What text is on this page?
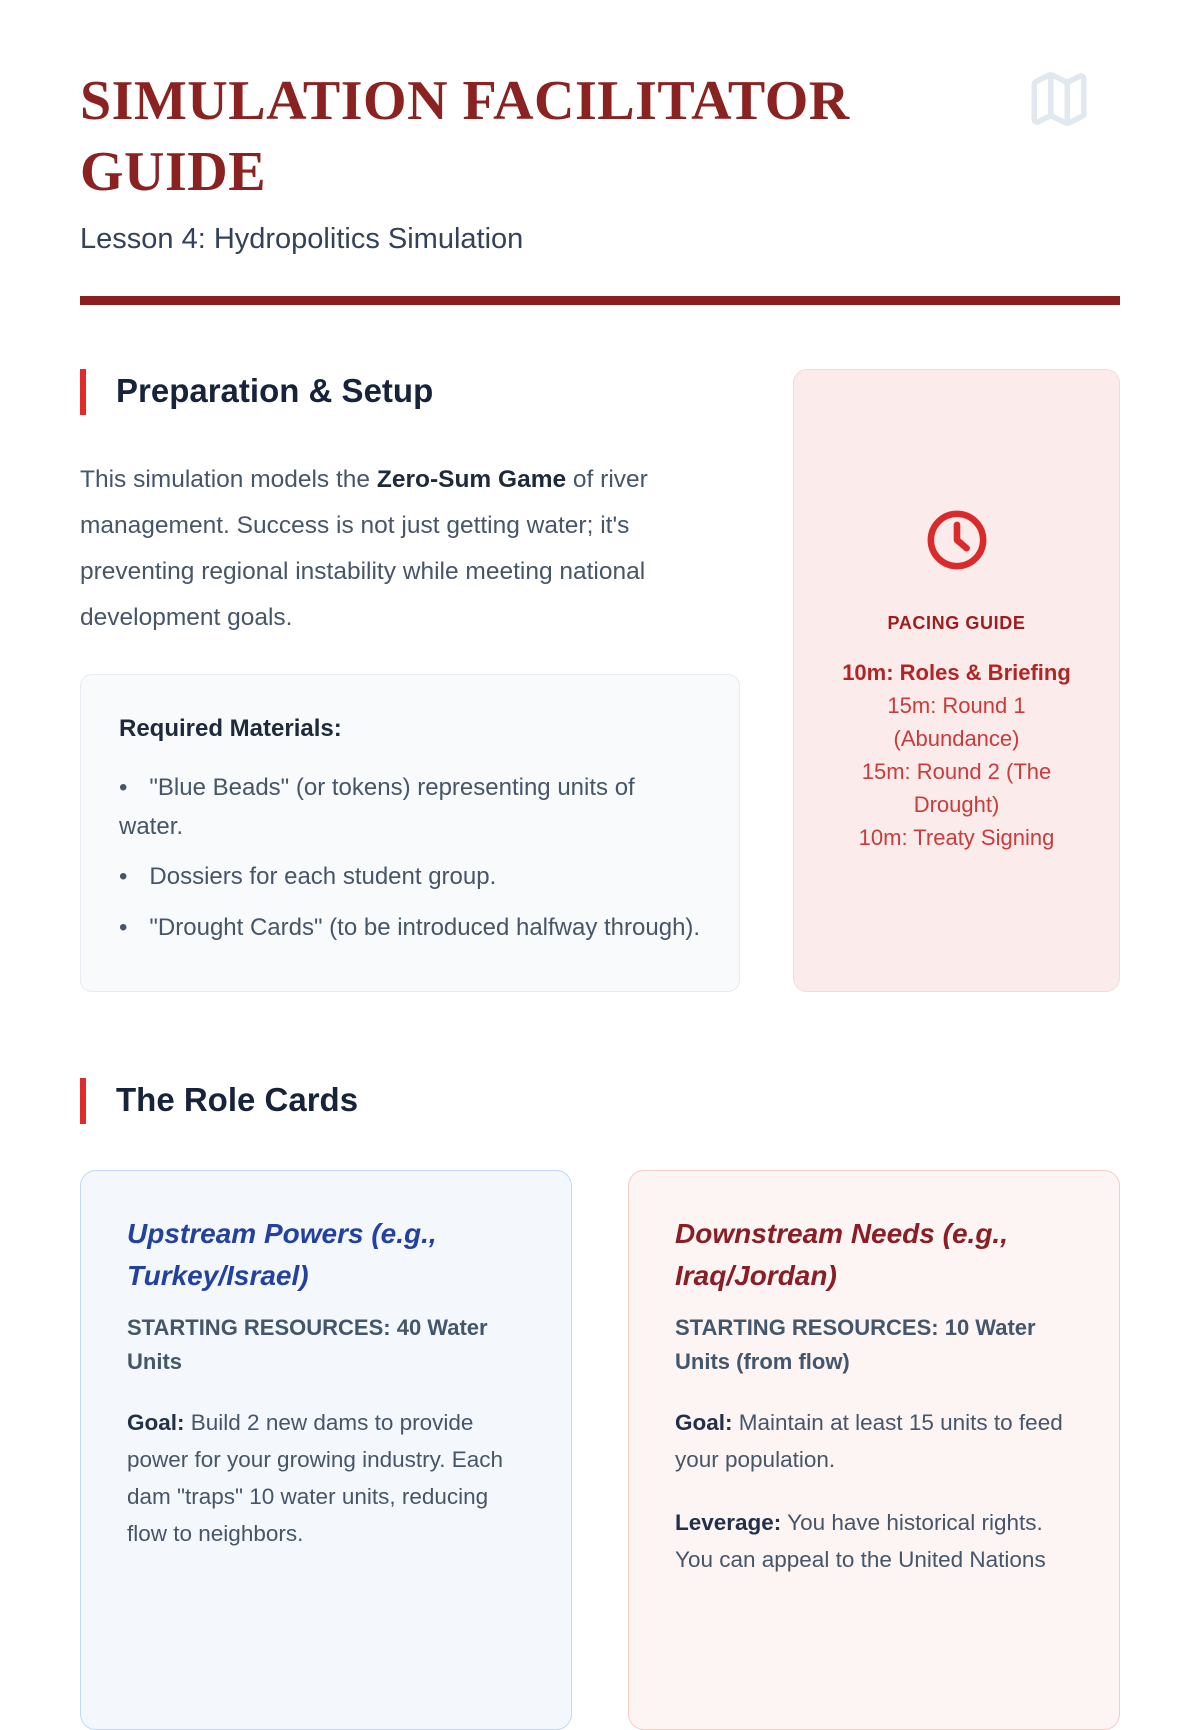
SIMULATION FACILITATOR
GUIDE

Lesson 4: Hydropolitics Simulation

Preparation & Setup

This simulation models the Zero-Sum Game of river management. Success is not just getting water; it's preventing regional instability while meeting national development goals.

Required Materials:

• "Blue Beads" (or tokens) representing units of water.
• Dossiers for each student group.
• "Drought Cards" (to be introduced halfway through).
PACING GUIDE
10m: Roles & Briefing
15m: Round 1 (Abundance)
15m: Round 2 (The Drought)
10m: Treaty Signing
The Role Cards
Upstream Powers (e.g., Turkey/Israel)

STARTING RESOURCES: 40 Water Units

Goal: Build 2 new dams to provide power for your growing industry. Each dam "traps" 10 water units, reducing flow to neighbors.

Downstream Needs (e.g., Iraq/Jordan)

STARTING RESOURCES: 10 Water Units (from flow)

Goal: Maintain at least 15 units to feed your population.

Leverage: You have historical rights. You can appeal to the United Nations
